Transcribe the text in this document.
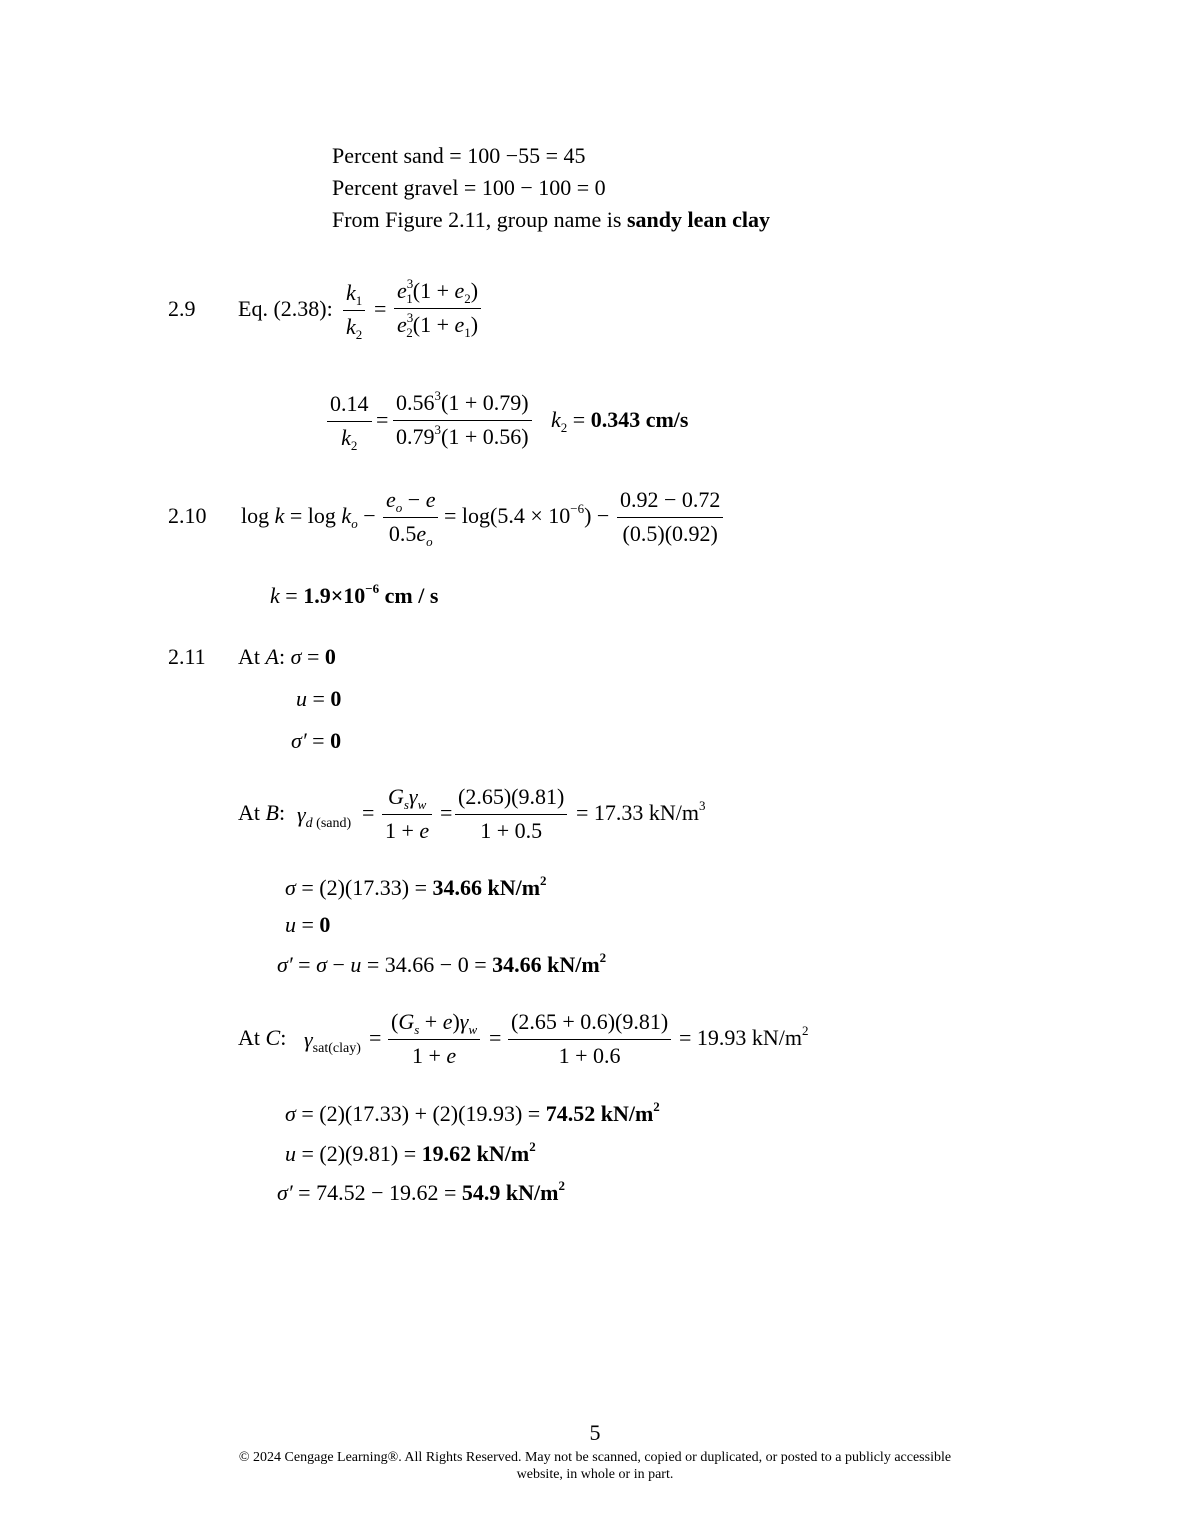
Percent sand = 100 −55 = 45
Percent gravel = 100 − 100 = 0
From Figure 2.11, group name is sandy lean clay
2.9 Eq. (2.38):
$k_1$
$k_2$
=
$e^3_1(1 + e_2)$
$e^3_2(1 + e_1)$
0.14
$k_2$
=
$0.56^3(1 + 0.79)$
$0.79^3(1 + 0.56)$
$k_2 = 0.343$ cm/s
2.10 $\log k = \log k_o$ −
$e_o - e$
$0.5e_o$
= $\log(5.4 \times 10^{-6})$ −
0.92 − 0.72
(0.5)(0.92)
$k = 1.9\times 10^{-6}$ cm / s
2.11 At A: σ = 0
u = 0
σ′ = 0
At B: $\gamma_{d (sand)}$ =
$G_s\gamma_w$
1 + e
=
(2.65)(9.81)
1 + 0.5
= 17.33 $kN/m^3$
σ = (2)(17.33) = 34.66 $kN/m^2$
u = 0
σ′ = σ − u = 34.66 − 0 = 34.66 $kN/m^2$
At C: $\gamma_{sat(clay)}$ =
$(G_s + e)\gamma_w$
1 + e
=
(2.65 + 0.6)(9.81)
1 + 0.6
= 19.93 $kN/m^2$
σ = (2)(17.33) + (2)(19.93) = 74.52 $kN/m^2$
u = (2)(9.81) = 19.62 $kN/m^2$
σ′ = 74.52 − 19.62 = 54.9 $kN/m^2$
5
© 2024 Cengage Learning®. All Rights Reserved. May not be scanned, copied or duplicated, or posted to a publicly accessible
website, in whole or in part.
